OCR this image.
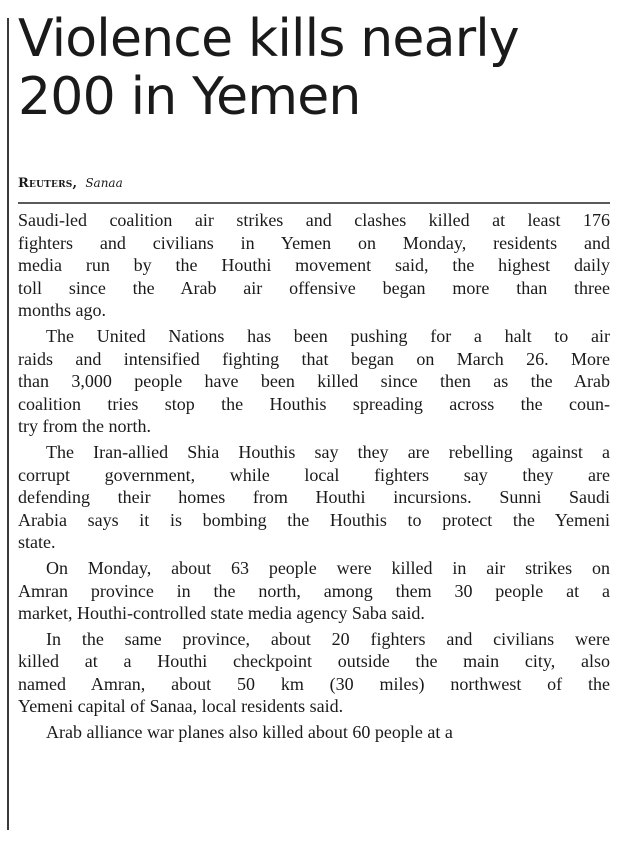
Violence kills nearly
200 in Yemen
Reuters, Sanaa
Saudi-led coalition air strikes and clashes killed at least 176
fighters and civilians in Yemen on Monday, residents and
media run by the Houthi movement said, the highest daily
toll since the Arab air offensive began more than three
months ago.
The United Nations has been pushing for a halt to air
raids and intensified fighting that began on March 26. More
than 3,000 people have been killed since then as the Arab
coalition tries stop the Houthis spreading across the coun-
try from the north.
The Iran-allied Shia Houthis say they are rebelling against a
corrupt government, while local fighters say they are
defending their homes from Houthi incursions. Sunni Saudi
Arabia says it is bombing the Houthis to protect the Yemeni
state.
On Monday, about 63 people were killed in air strikes on
Amran province in the north, among them 30 people at a
market, Houthi-controlled state media agency Saba said.
In the same province, about 20 fighters and civilians were
killed at a Houthi checkpoint outside the main city, also
named Amran, about 50 km (30 miles) northwest of the
Yemeni capital of Sanaa, local residents said.
Arab alliance war planes also killed about 60 people at a
